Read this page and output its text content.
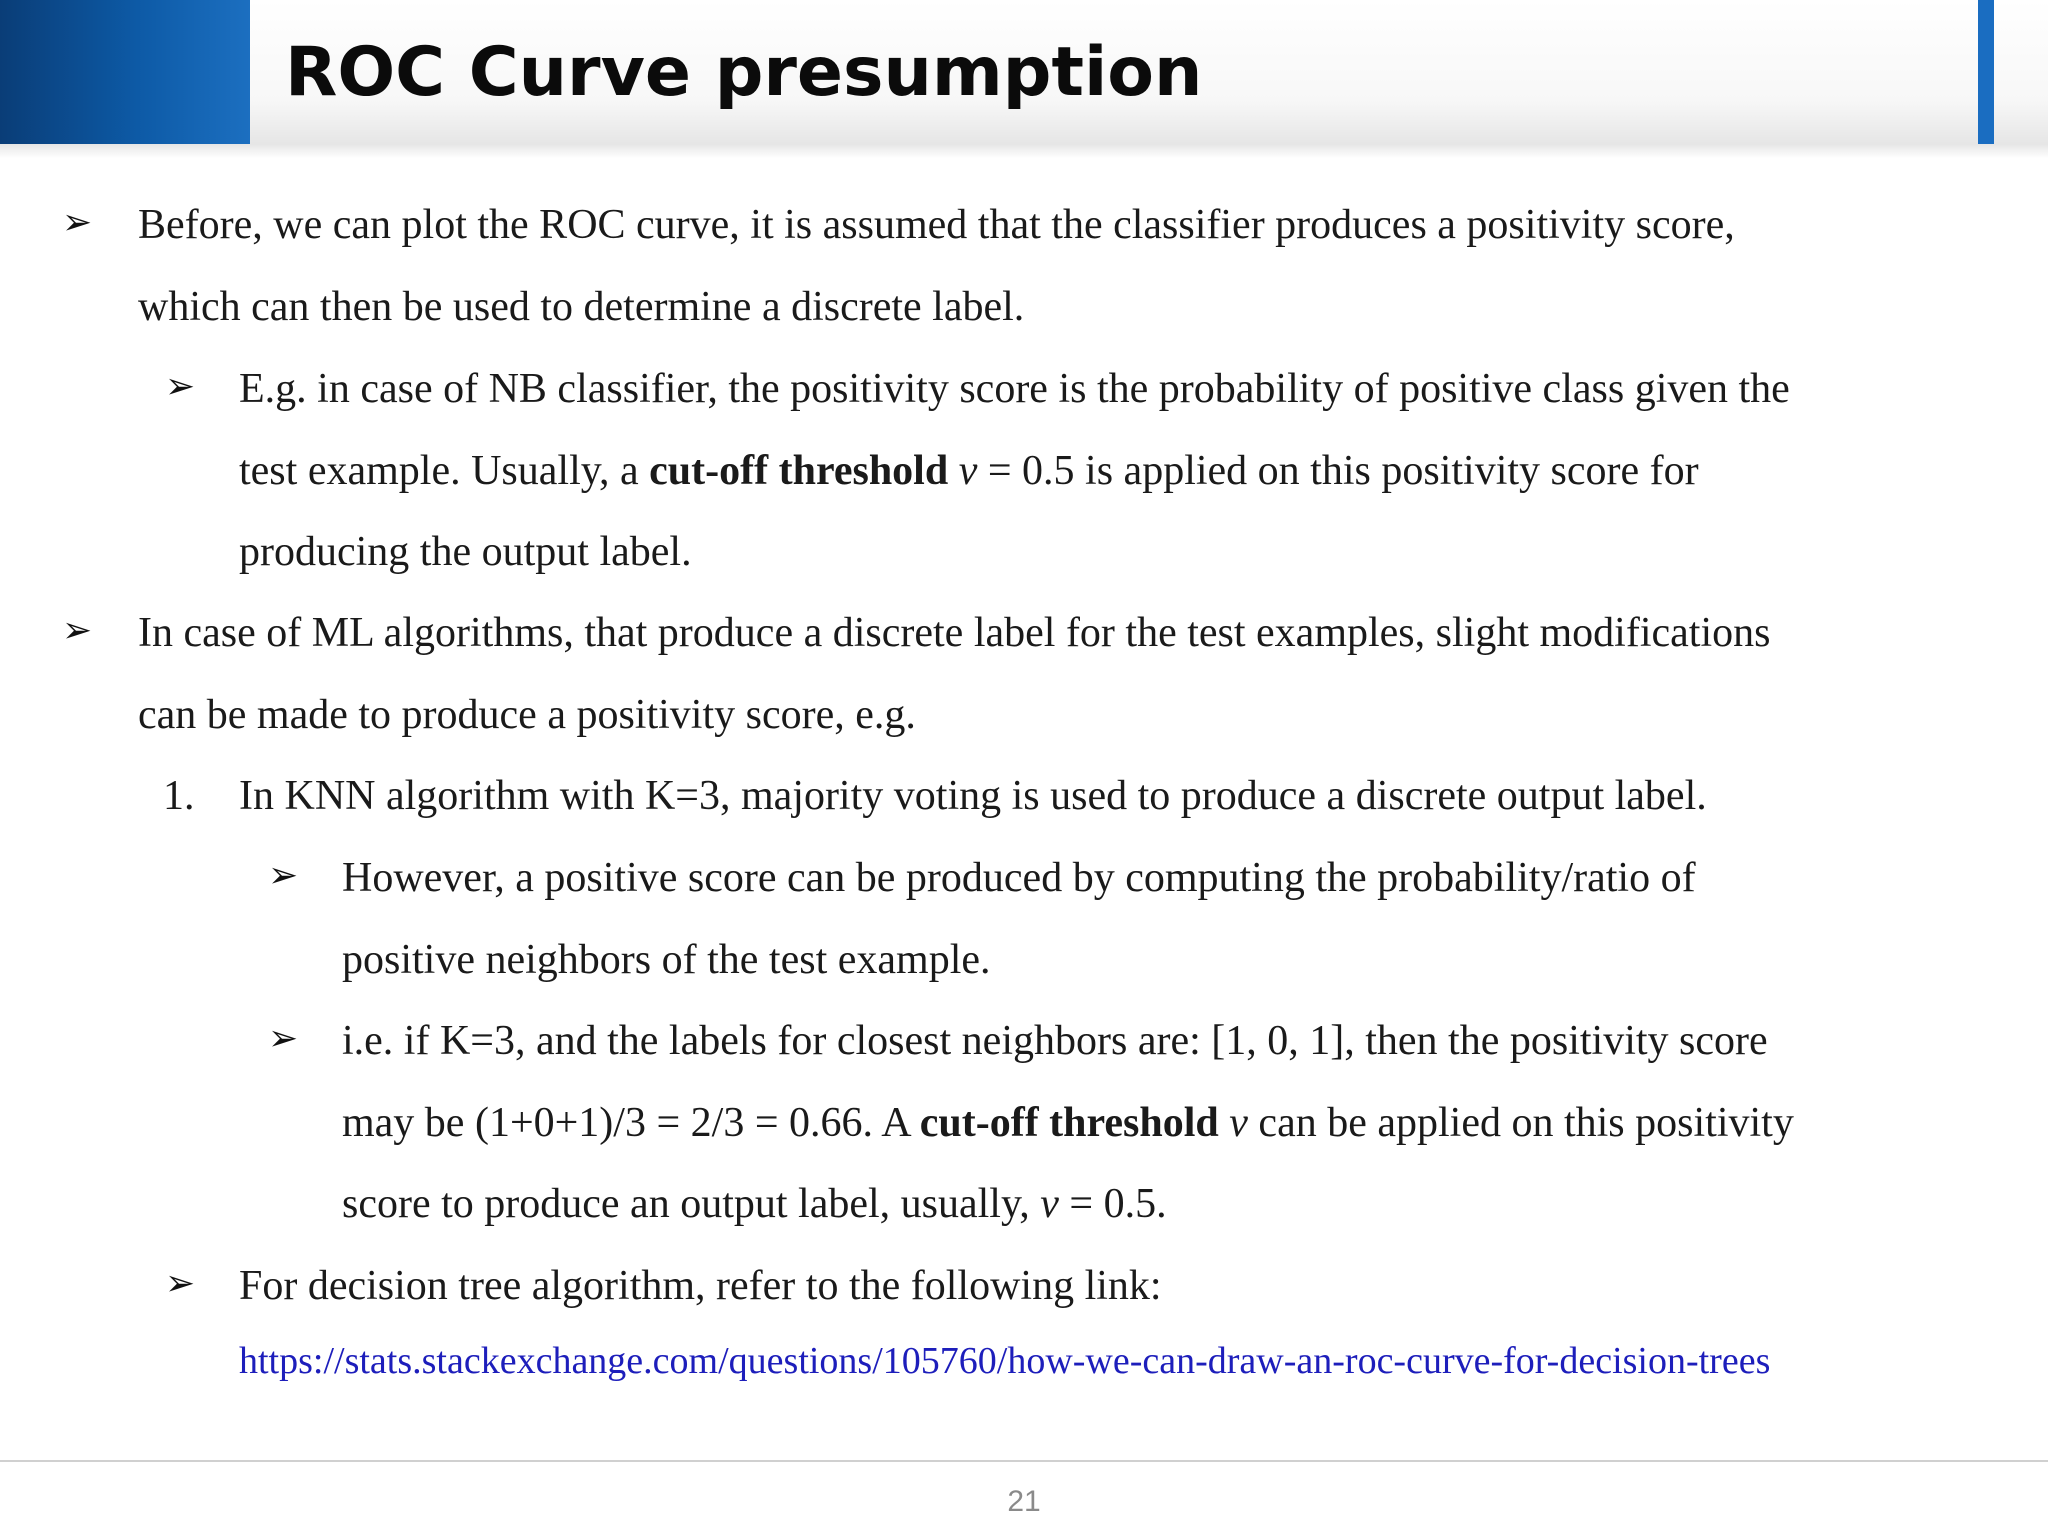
ROC Curve presumption
➢ Before, we can plot the ROC curve, it is assumed that the classifier produces a positivity score,
which can then be used to determine a discrete label.
➢ E.g. in case of NB classifier, the positivity score is the probability of positive class given the
test example. Usually, a cut-off threshold v = 0.5 is applied on this positivity score for
producing the output label.
➢ In case of ML algorithms, that produce a discrete label for the test examples, slight modifications
can be made to produce a positivity score, e.g.
1. In KNN algorithm with K=3, majority voting is used to produce a discrete output label.
➢ However, a positive score can be produced by computing the probability/ratio of
positive neighbors of the test example.
➢ i.e. if K=3, and the labels for closest neighbors are: [1, 0, 1], then the positivity score
may be (1+0+1)/3 = 2/3 = 0.66. A cut-off threshold v can be applied on this positivity
score to produce an output label, usually, v = 0.5.
➢ For decision tree algorithm, refer to the following link:
https://stats.stackexchange.com/questions/105760/how-we-can-draw-an-roc-curve-for-decision-trees
21
